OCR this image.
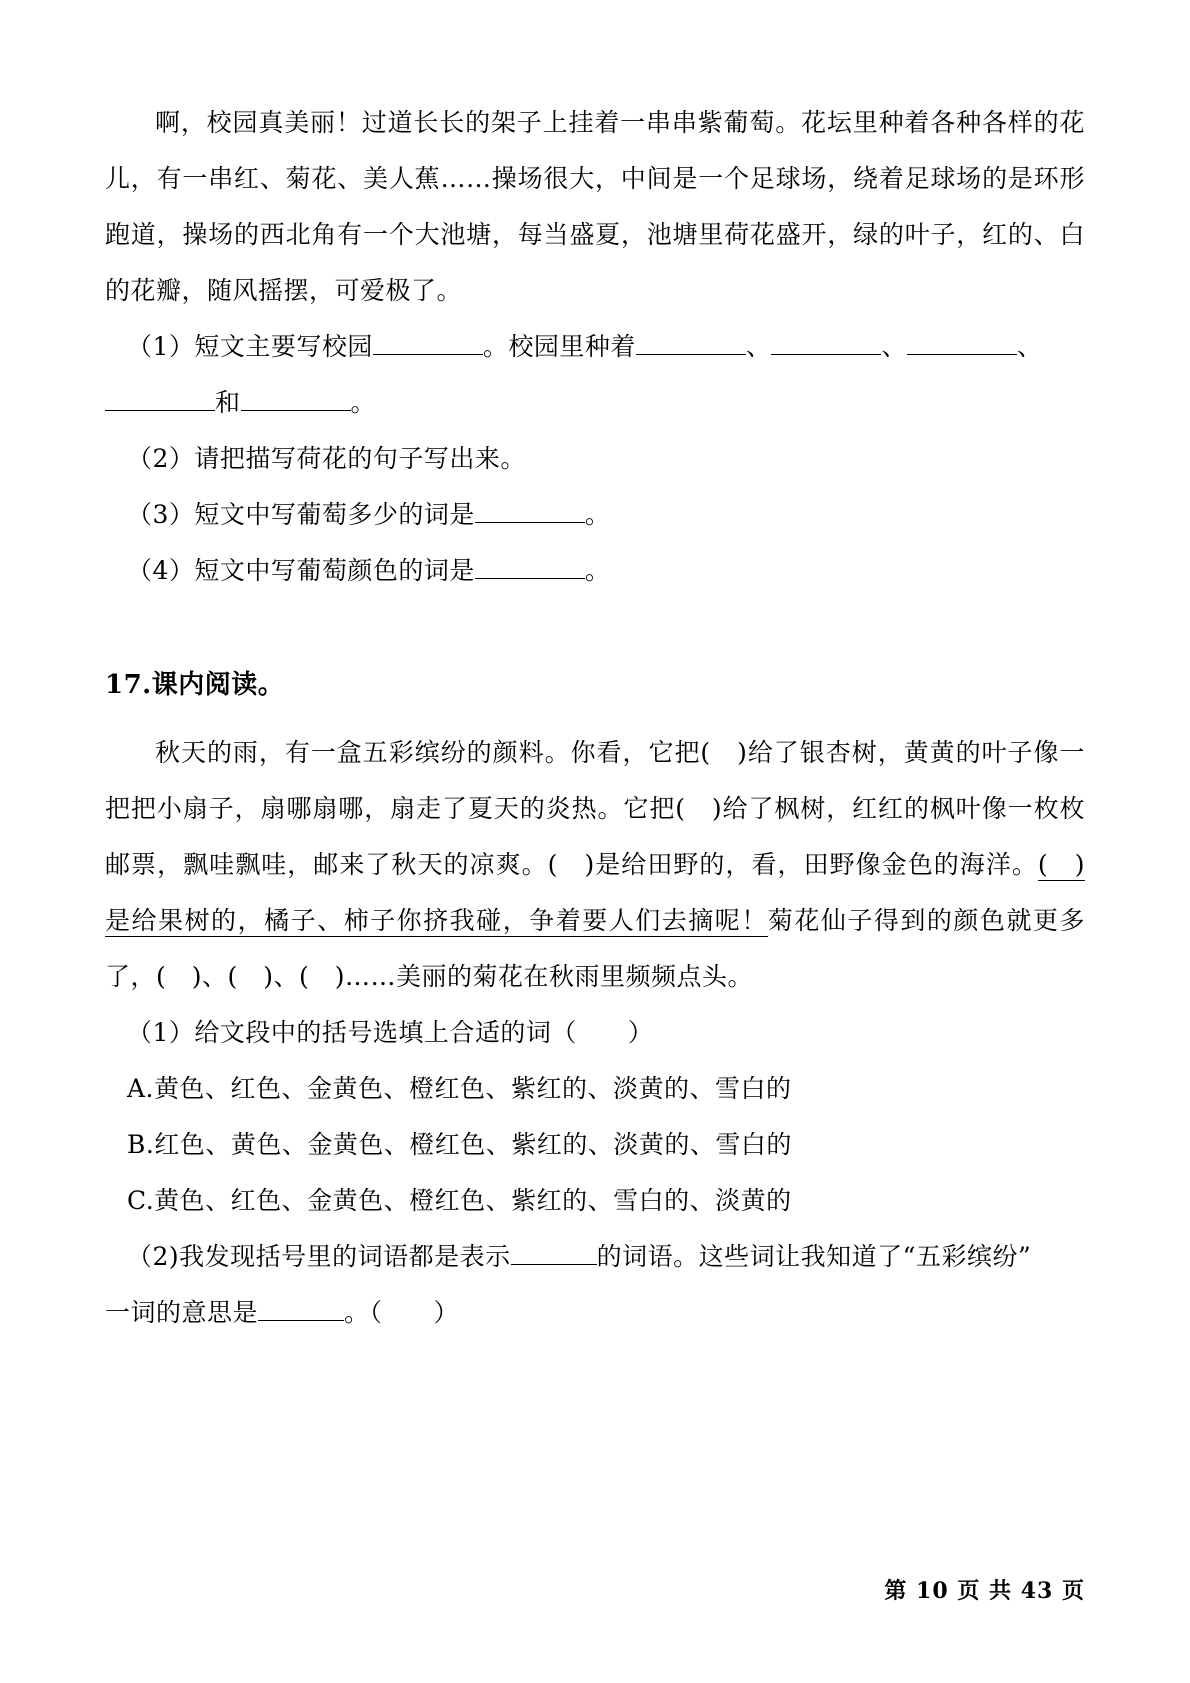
啊，校园真美丽！过道长长的架子上挂着一串串紫葡萄。花坛里种着各种各样的花儿，有一串红、菊花、美人蕉……操场很大，中间是一个足球场，绕着足球场的是环形跑道，操场的西北角有一个大池塘，每当盛夏，池塘里荷花盛开，绿的叶子，红的、白的花瓣，随风摇摆，可爱极了。

（1）短文主要写校园	。校园里种着	、	、	、

和	。

（2）请把描写荷花的句子写出来。

（3）短文中写葡萄多少的词是	。

（4）短文中写葡萄颜色的词是	。

17.课内阅读。

秋天的雨，有一盒五彩缤纷的颜料。你看，它把(　)给了银杏树，黄黄的叶子像一把把小扇子，扇哪扇哪，扇走了夏天的炎热。它把(　)给了枫树，红红的枫叶像一枚枚邮票，飘哇飘哇，邮来了秋天的凉爽。(　)是给田野的，看，田野像金色的海洋。(　)是给果树的，橘子、柿子你挤我碰，争着要人们去摘呢！菊花仙子得到的颜色就更多了，(　)、(　)、(　)……美丽的菊花在秋雨里频频点头。

（1）给文段中的括号选填上合适的词（　　）

A.黄色、红色、金黄色、橙红色、紫红的、淡黄的、雪白的

B.红色、黄色、金黄色、橙红色、紫红的、淡黄的、雪白的

C.黄色、红色、金黄色、橙红色、紫红的、雪白的、淡黄的

（2)我发现括号里的词语都是表示	的词语。这些词让我知道了“五彩缤纷”

一词的意思是	。（　　）

第 10 页 共 43 页
